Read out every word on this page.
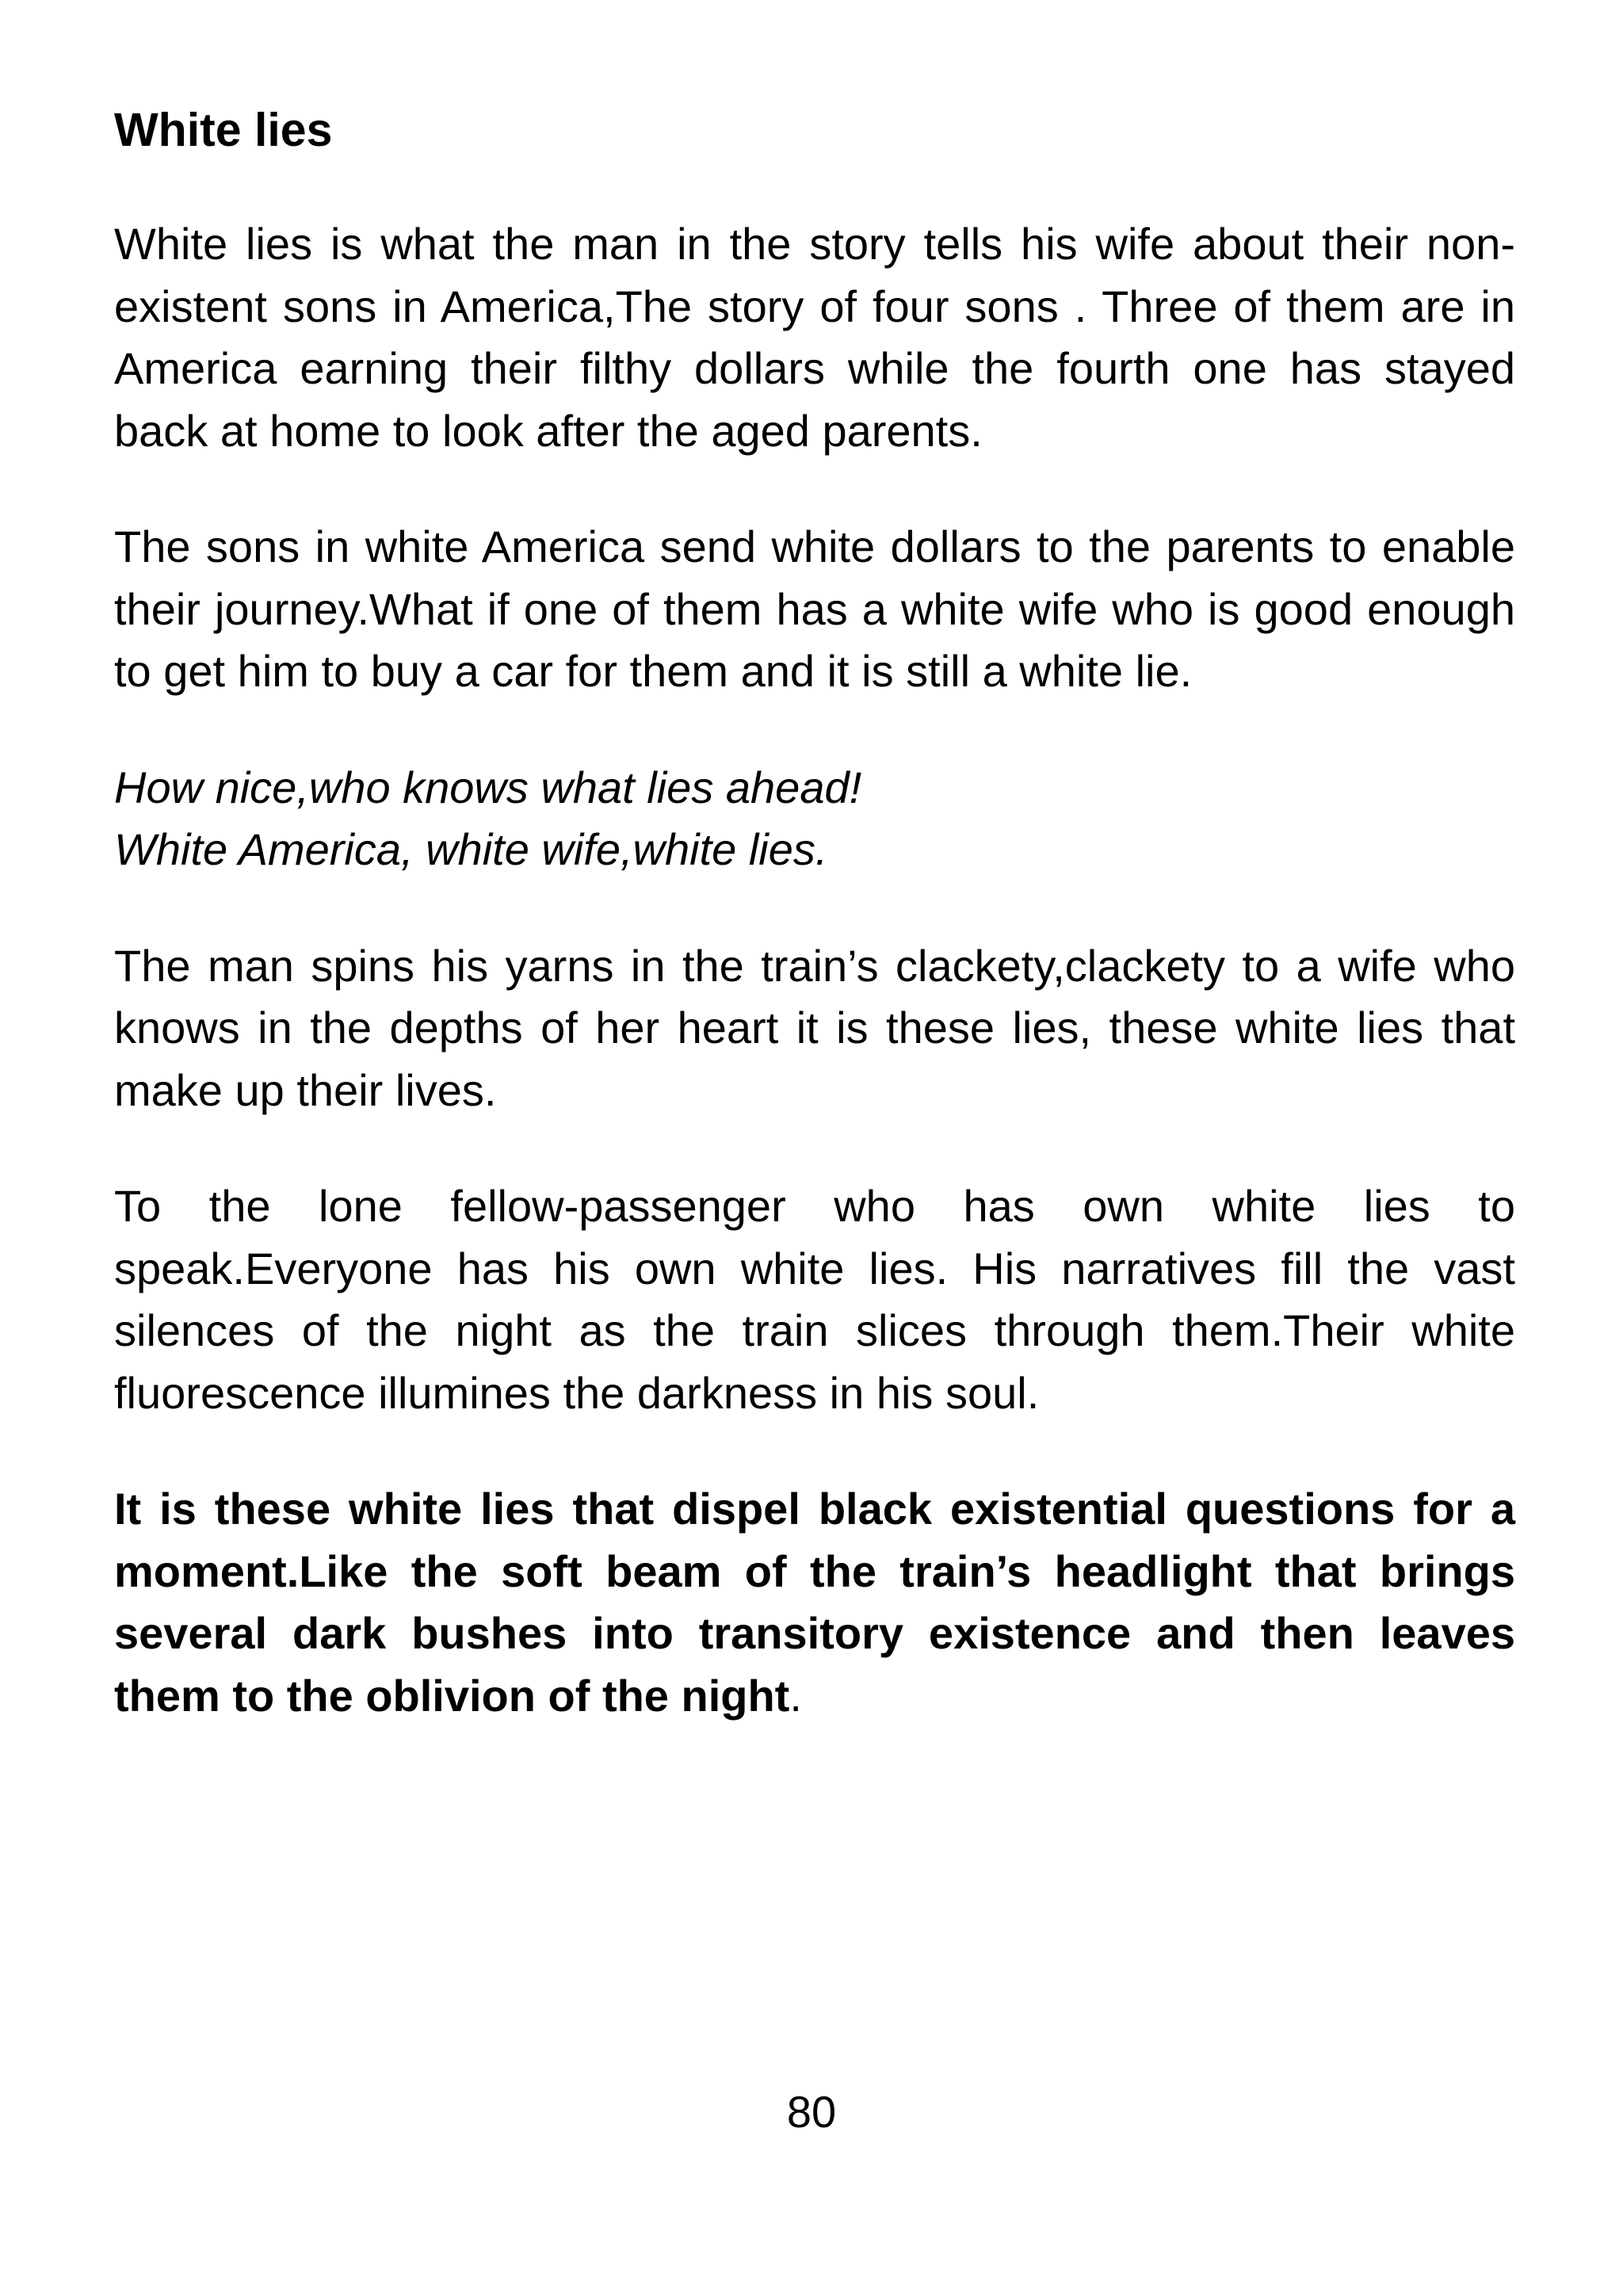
White lies

White lies is what the man in the story tells his wife about their non-existent sons in America,The story of four sons . Three of them are in America earning their filthy dollars while the fourth one has stayed back at home to look after the aged parents.

The sons in white America send white dollars to the parents to enable their journey.What if one of them has a white wife who is good enough to get him to buy a car for them and it is still a white lie.

How nice,who knows what lies ahead!
White America, white wife,white lies.

The man spins his yarns in the train’s clackety,clackety to a wife who knows in the depths of her heart it is these lies, these white lies that make up their lives.

To the lone fellow-passenger who has own white lies to speak.Everyone has his own white lies. His narratives fill the vast silences of the night as the train slices through them.Their white fluorescence illumines the darkness in his soul.

It is these white lies that dispel black existential questions for a moment.Like the soft beam of the train’s headlight that brings several dark bushes into transitory existence and then leaves them to the oblivion of the night.

80
